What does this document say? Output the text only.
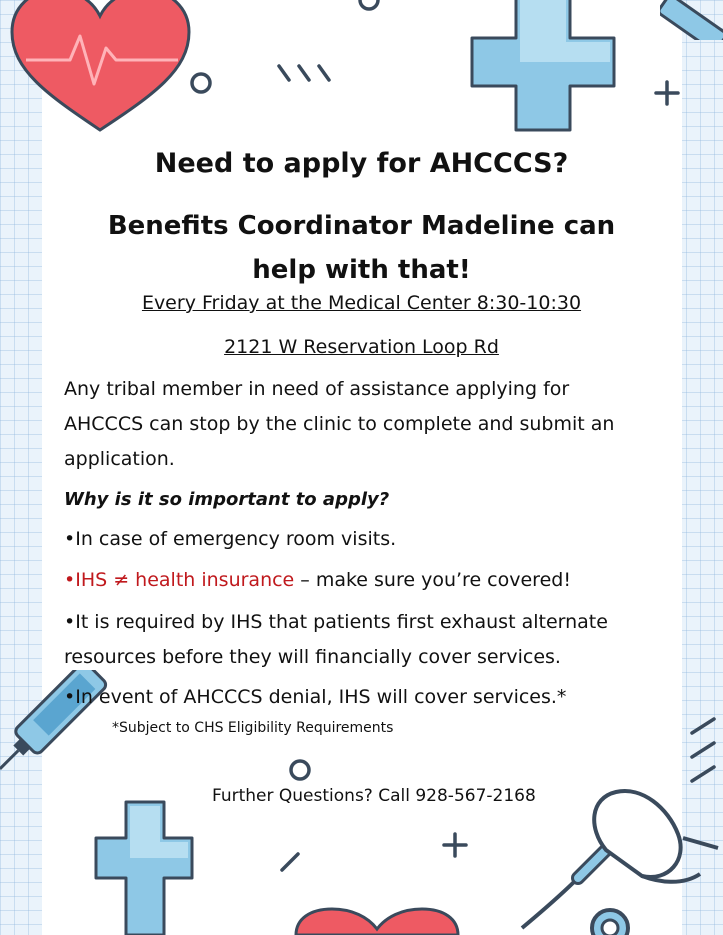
Need to apply for AHCCCS?
Benefits Coordinator Madeline can
help with that!
Every Friday at the Medical Center 8:30-10:30
2121 W Reservation Loop Rd
Any tribal member in need of assistance applying for AHCCCS can stop by the clinic to complete and submit an application.
Why is it so important to apply?
•In case of emergency room visits.
•IHS ≠ health insurance – make sure you’re covered!
•It is required by IHS that patients first exhaust alternate resources before they will financially cover services.
•In event of AHCCCS denial, IHS will cover services.*
*Subject to CHS Eligibility Requirements
Further Questions? Call 928-567-2168
